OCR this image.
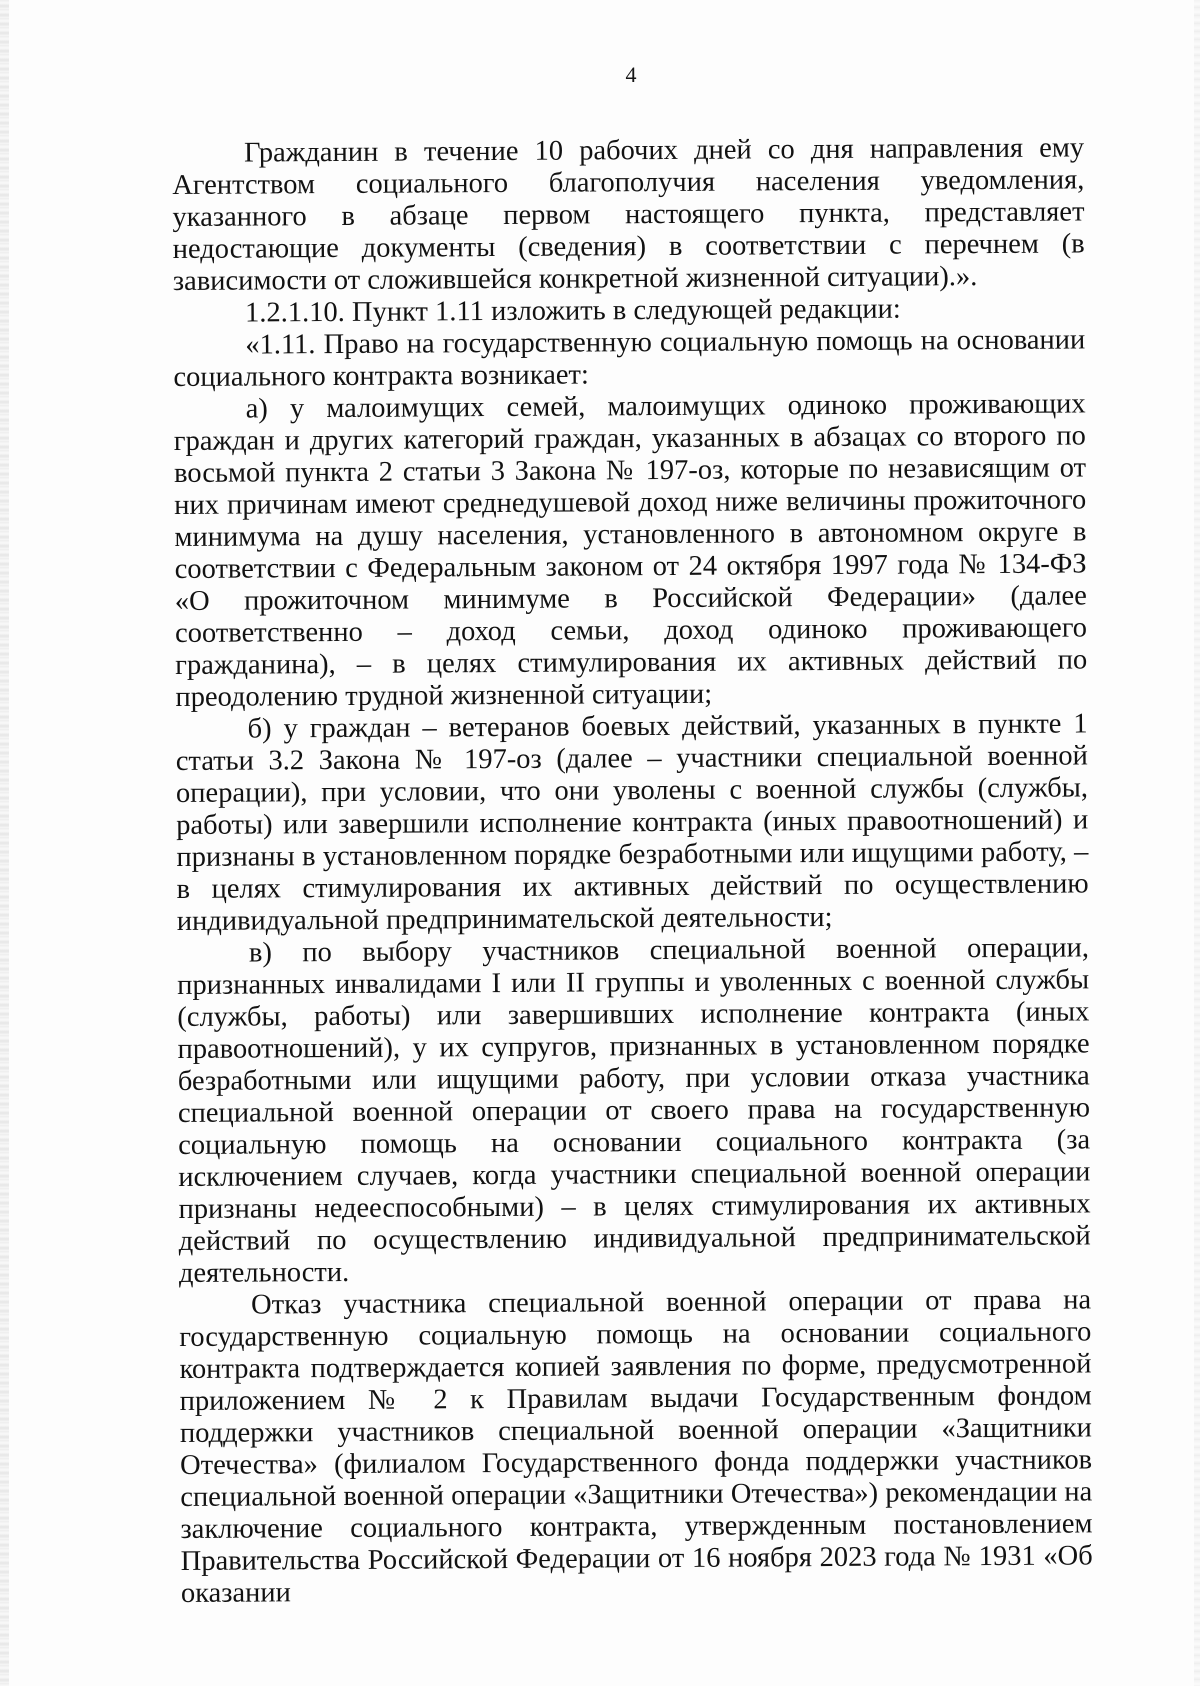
4

Гражданин в течение 10 рабочих дней со дня направления ему Агентством социального благополучия населения уведомления, указанного в абзаце первом настоящего пункта, представляет недостающие документы (сведения) в соответствии с перечнем (в зависимости от сложившейся конкретной жизненной ситуации).».

1.2.1.10. Пункт 1.11 изложить в следующей редакции:

«1.11. Право на государственную социальную помощь на основании социального контракта возникает:

а) у малоимущих семей, малоимущих одиноко проживающих граждан и других категорий граждан, указанных в абзацах со второго по восьмой пункта 2 статьи 3 Закона № 197-оз, которые по независящим от них причинам имеют среднедушевой доход ниже величины прожиточного минимума на душу населения, установленного в автономном округе в соответствии с Федеральным законом от 24 октября 1997 года № 134-ФЗ «О прожиточном минимуме в Российской Федерации» (далее соответственно – доход семьи, доход одиноко проживающего гражданина), – в целях стимулирования их активных действий по преодолению трудной жизненной ситуации;

б) у граждан – ветеранов боевых действий, указанных в пункте 1 статьи 3.2 Закона № 197-оз (далее – участники специальной военной операции), при условии, что они уволены с военной службы (службы, работы) или завершили исполнение контракта (иных правоотношений) и признаны в установленном порядке безработными или ищущими работу, – в целях стимулирования их активных действий по осуществлению индивидуальной предпринимательской деятельности;

в) по выбору участников специальной военной операции, признанных инвалидами I или II группы и уволенных с военной службы (службы, работы) или завершивших исполнение контракта (иных правоотношений), у их супругов, признанных в установленном порядке безработными или ищущими работу, при условии отказа участника специальной военной операции от своего права на государственную социальную помощь на основании социального контракта (за исключением случаев, когда участники специальной военной операции признаны недееспособными) – в целях стимулирования их активных действий по осуществлению индивидуальной предпринимательской деятельности.

Отказ участника специальной военной операции от права на государственную социальную помощь на основании социального контракта подтверждается копией заявления по форме, предусмотренной приложением № 2 к Правилам выдачи Государственным фондом поддержки участников специальной военной операции «Защитники Отечества» (филиалом Государственного фонда поддержки участников специальной военной операции «Защитники Отечества») рекомендации на заключение социального контракта, утвержденным постановлением Правительства Российской Федерации от 16 ноября 2023 года № 1931 «Об оказании
